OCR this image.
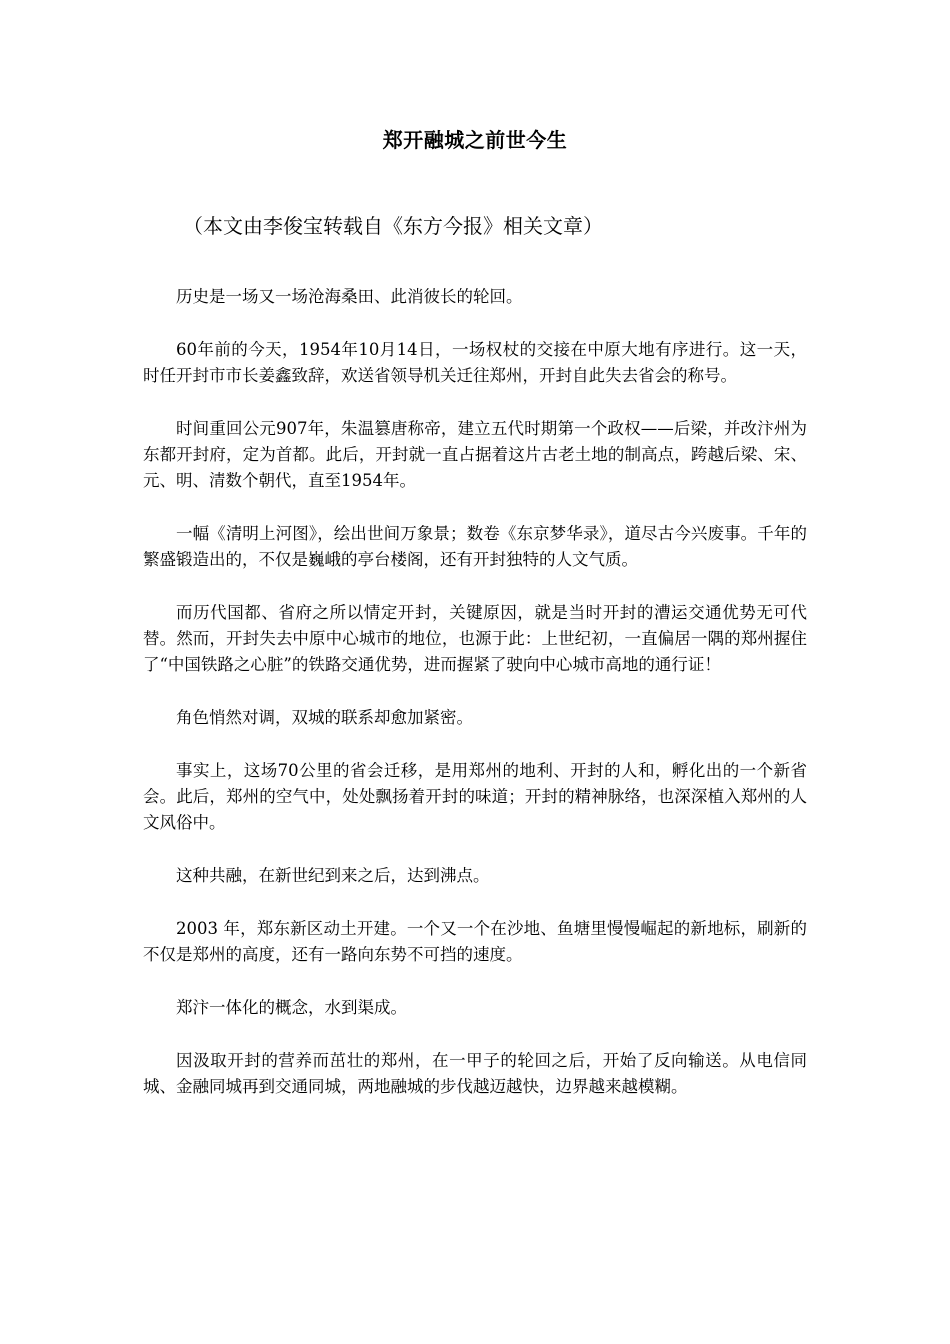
郑开融城之前世今生
（本文由李俊宝转载自《东方今报》相关文章）

历史是一场又一场沧海桑田、此消彼长的轮回。

60年前的今天，1954年10月14日，一场权杖的交接在中原大地有序进行。这一天，时任开封市市长姜鑫致辞，欢送省领导机关迁往郑州，开封自此失去省会的称号。

时间重回公元907年，朱温篡唐称帝，建立五代时期第一个政权——后梁，并改汴州为东都开封府，定为首都。此后，开封就一直占据着这片古老土地的制高点，跨越后梁、宋、元、明、清数个朝代，直至1954年。

一幅《清明上河图》，绘出世间万象景；数卷《东京梦华录》，道尽古今兴废事。千年的繁盛锻造出的，不仅是巍峨的亭台楼阁，还有开封独特的人文气质。

而历代国都、省府之所以情定开封，关键原因，就是当时开封的漕运交通优势无可代替。然而，开封失去中原中心城市的地位，也源于此：上世纪初，一直偏居一隅的郑州握住了“中国铁路之心脏”的铁路交通优势，进而握紧了驶向中心城市高地的通行证！

角色悄然对调，双城的联系却愈加紧密。

事实上，这场70公里的省会迁移，是用郑州的地利、开封的人和，孵化出的一个新省会。此后，郑州的空气中，处处飘扬着开封的味道；开封的精神脉络，也深深植入郑州的人文风俗中。

这种共融，在新世纪到来之后，达到沸点。

2003 年，郑东新区动土开建。一个又一个在沙地、鱼塘里慢慢崛起的新地标，刷新的不仅是郑州的高度，还有一路向东势不可挡的速度。

郑汴一体化的概念，水到渠成。

因汲取开封的营养而茁壮的郑州，在一甲子的轮回之后，开始了反向输送。从电信同城、金融同城再到交通同城，两地融城的步伐越迈越快，边界越来越模糊。
